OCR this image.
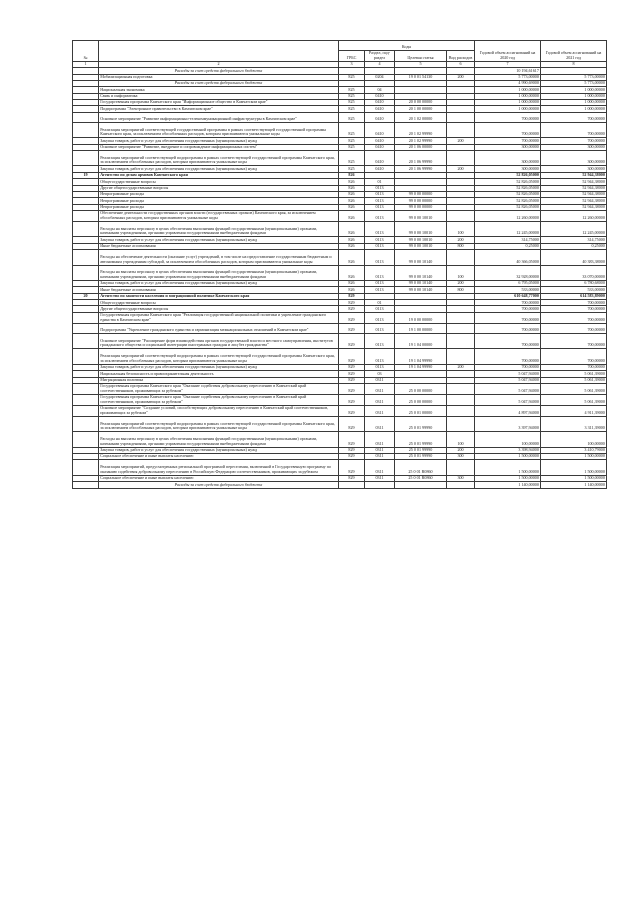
№		Коды				Годовой объем ассигнований на 2020 год	Годовой объем ассигнований на 2021 год
		ГРБС	Раздел, под-раздел	Целевая статья	Вид расходов		
1	2	3	4	5	6	7	8
	Расходы за счет средств федерального бюджета					10 194,61617	
	Мобилизационная подготовка	825	0204	19 0 01 54130	200	5 773,00000	5 773,00000
	Расходы за счет средств федерального бюджета					4 990,69000	5 773,00000
	Национальная экономика	825	04			1 000,00000	1 000,00000
	Связь и информатика	825	0410			1 000,00000	1 000,00000
	Государственная программа Камчатского края "Информационное общество в Камчатском крае"	825	0410	20 0 00 00000		1 000,00000	1 000,00000
	Подпрограмма "Электронное правительство в Камчатском крае"	825	0410	20 1 00 00000		1 000,00000	1 000,00000
	Основное мероприятие "Развитие информационно-телекоммуникационной инфраструктуры в Камчатском крае"	825	0410	20 1 02 00000		700,00000	700,00000
	Реализация мероприятий соответствующей государственной программы в рамках соответствующей государственной программы Камчатского края, за исключением обособленных расходов, которым присваиваются уникальные коды	825	0410	20 1 02 99990		700,00000	700,00000
	Закупка товаров, работ и услуг для обеспечения государственных (муниципальных) нужд	825	0410	20 1 02 99990	200	700,00000	700,00000
	Основное мероприятие "Развитие, внедрение и сопровождение информационных систем"	825	0410	20 1 06 00000		300,00000	300,00000
	Реализация мероприятий соответствующей подпрограммы в рамках соответствующей государственной программы Камчатского края, за исключением обособленных расходов, которым присваиваются уникальные коды	825	0410	20 1 06 99990		300,00000	300,00000
	Закупка товаров, работ и услуг для обеспечения государственных (муниципальных) нужд	825	0410	20 1 06 99990	200	300,00000	300,00000
19	Агентство по делам архивов Камчатского края	826				52 826,05000	52 944,38000
	Общегосударственные вопросы	826	01			52 826,05000	52 944,38000
	Другие общегосударственные вопросы	826	0113			52 826,05000	52 944,38000
	Непрограммные расходы	826	0113	99 0 00 00000		52 826,05000	52 944,38000
	Непрограммные расходы	826	0113	99 0 00 00000		52 826,05000	52 944,38000
	Непрограммные расходы	826	0113	99 0 00 00000		52 826,05000	52 944,38000
	Обеспечение деятельности государственных органов власти (государственных органов) Камчатского края, за исключением обособленных расходов, которым присваиваются уникальные коды	826	0113	99 0 00 10010		12 260,00000	12 260,00000
	Расходы на выплаты персоналу в целях обеспечения выполнения функций государственными (муниципальными) органами, казенными учреждениями, органами управления государственными внебюджетными фондами	826	0113	99 0 00 10010	100	12 245,00000	12 245,00000
	Закупка товаров, работ и услуг для обеспечения государственных (муниципальных) нужд	826	0113	99 0 00 10010	200	314,75000	314,75000
	Иные бюджетные ассигнования	826	0113	99 0 00 10010	800	0,25000	0,25000
	Расходы на обеспечение деятельности (оказание услуг) учреждений, в том числе на предоставление государственным бюджетным и автономным учреждениям субсидий, за исключением обособленных расходов, которым присваиваются уникальные коды	826	0113	99 0 00 10140		40 366,05000	40 383,38000
	Расходы на выплаты персоналу в целях обеспечения выполнения функций государственными (муниципальными) органами, казенными учреждениями, органами управления государственными внебюджетными фондами	826	0113	99 0 00 10140	100	32 928,00000	33 070,00000
	Закупка товаров, работ и услуг для обеспечения государственных (муниципальных) нужд	826	0113	99 0 00 10140	200	6 795,05000	6 780,68000
	Иные бюджетные ассигнования	826	0113	99 0 00 10140	800	533,00000	533,00000
20	Агентство по занятости населения и миграционной политике Камчатского края	829				610 648,77000	614 583,89000
	Общегосударственные вопросы	829	01			700,00000	700,00000
	Другие общегосударственные вопросы	829	0113			700,00000	700,00000
	Государственная программа Камчатского края "Реализация государственной национальной политики и укрепление гражданского единства в Камчатском крае"	829	0113	19 0 00 00000		700,00000	700,00000
	Подпрограмма "Укрепление гражданского единства и гармонизация межнациональных отношений в Камчатском крае"	829	0113	19 1 00 00000		700,00000	700,00000
	Основное мероприятие "Расширение форм взаимодействия органов государственной власти и местного самоуправления, институтов гражданского общества и социальной интеграции иностранных граждан и лиц без гражданства"	829	0113	19 1 04 00000		700,00000	700,00000
	Реализация мероприятий соответствующей подпрограммы в рамках соответствующей государственной программы Камчатского края, за исключением обособленных расходов, которым присваиваются уникальные коды	829	0113	19 1 04 99990		700,00000	700,00000
	Закупка товаров, работ и услуг для обеспечения государственных (муниципальных) нужд	829	0113	19 1 04 99990	200	700,00000	700,00000
	Национальная безопасность и правоохранительная деятельность	829	03			5 047,94000	5 061,39000
	Миграционная политика	829	0311			5 047,94000	5 061,39000
	Государственная программа Камчатского края "Оказание содействия добровольному переселению в Камчатский край соотечественников, проживающих за рубежом"	829	0311	25 0 00 00000		5 047,94000	5 061,39000
	Государственная программа Камчатского края "Оказание содействия добровольному переселению в Камчатский край соотечественников, проживающих за рубежом"	829	0311	25 0 00 00000		5 047,94000	5 061,39000
	Основное мероприятие "Создание условий, способствующих добровольному переселению в Камчатский край соотечественников, проживающих за рубежом"	829	0311	25 0 01 00000		4 897,94000	4 911,39000
	Реализация мероприятий соответствующей подпрограммы в рамках соответствующей государственной программы Камчатского края, за исключением обособленных расходов, которым присваиваются уникальные коды	829	0311	25 0 01 99990		3 397,94000	3 311,39000
	Расходы на выплаты персоналу в целях обеспечения выполнения функций государственными (муниципальными) органами, казенными учреждениями, органами управления государственными внебюджетными фондами	829	0311	25 0 01 99990	100	100,00000	100,00000
	Закупка товаров, работ и услуг для обеспечения государственных (муниципальных) нужд	829	0311	25 0 01 99990	200	3 398,94000	3 410,79000
	Социальное обеспечение и иные выплаты населению	829	0311	25 0 01 99990	300	1 500,00000	1 500,00000
	Реализация мероприятий, предусмотренных региональной программой переселения, включенной в Государственную программу по оказанию содействия добровольному переселению в Российскую Федерацию соотечественников, проживающих за рубежом	829	0311	25 0 01 R0860		1 500,00000	1 500,00000
	Социальное обеспечение и иные выплаты населению	829	0311	25 0 01 R0860	300	1 500,00000	1 500,00000
	Расходы за счет средств федерального бюджета					1 140,00000	1 140,00000
